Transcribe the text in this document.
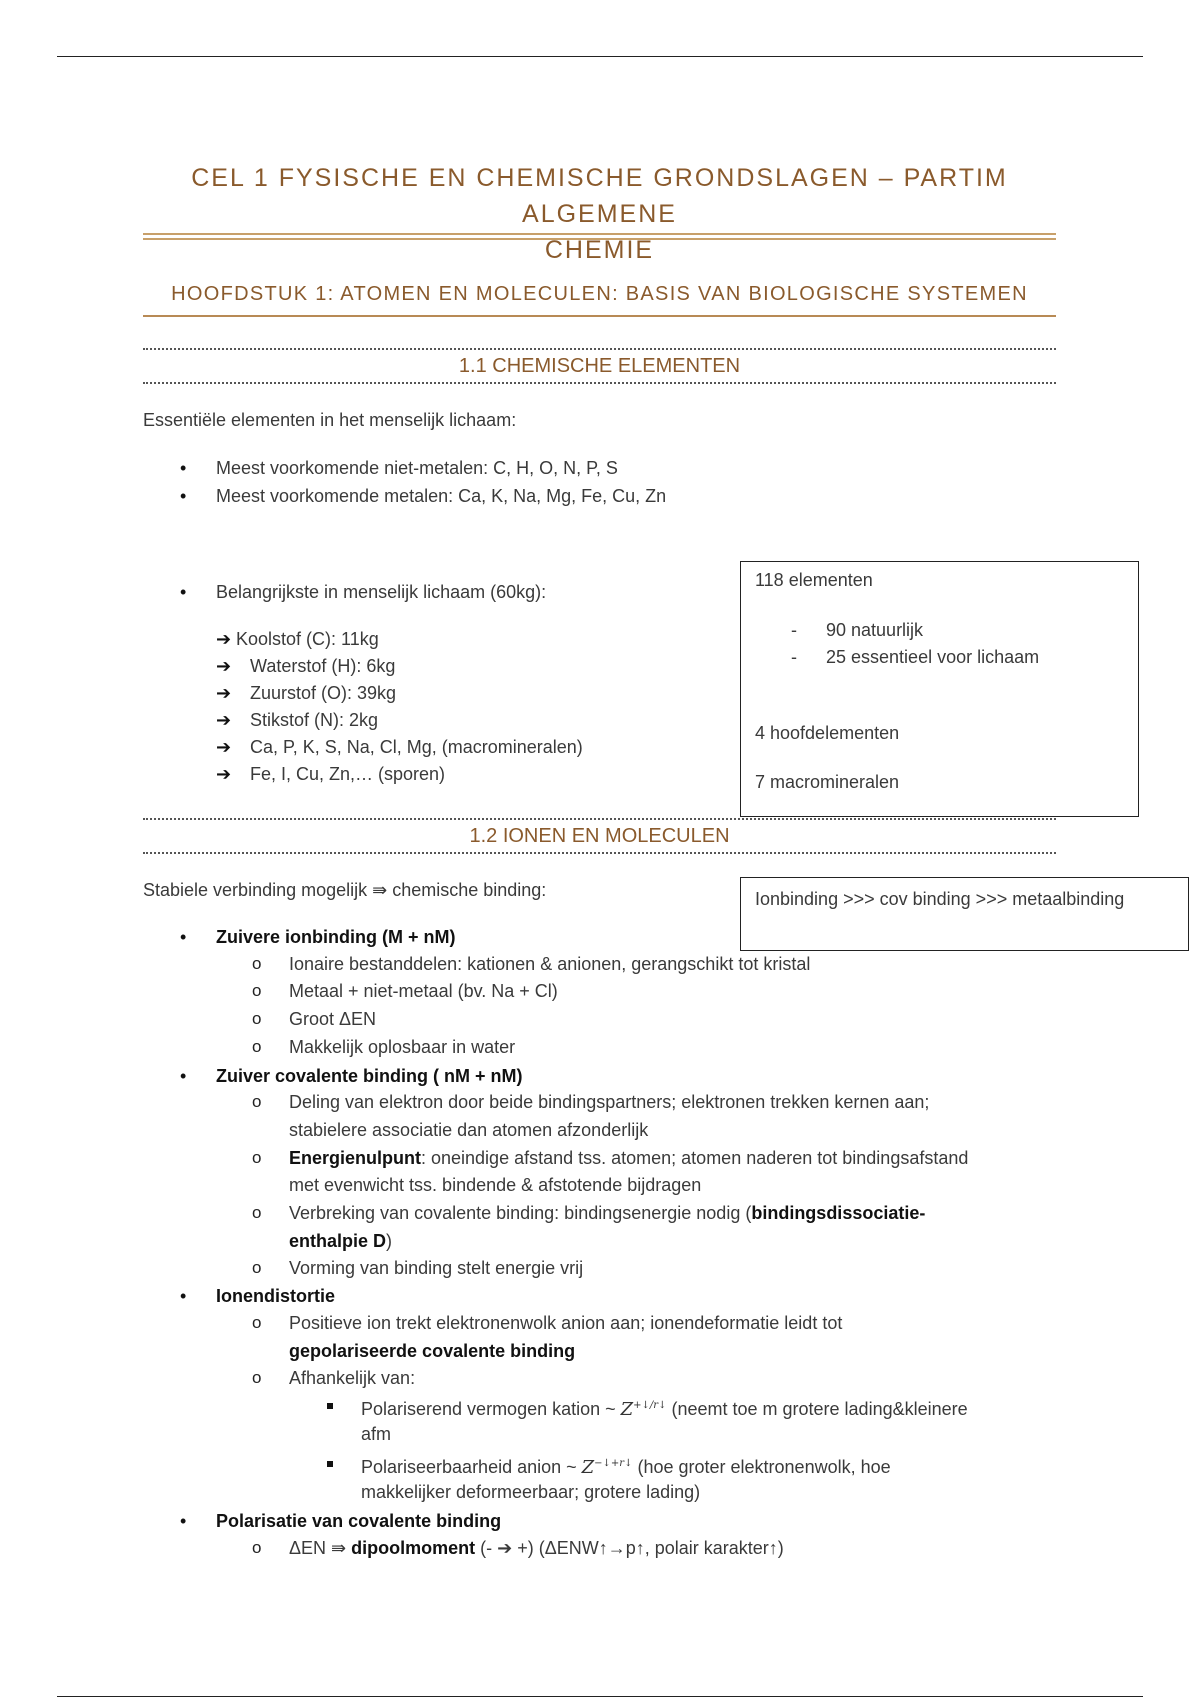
CEL 1 FYSISCHE EN CHEMISCHE GRONDSLAGEN – PARTIM ALGEMENE
CHEMIE
HOOFDSTUK 1: ATOMEN EN MOLECULEN: BASIS VAN BIOLOGISCHE SYSTEMEN
1.1 CHEMISCHE ELEMENTEN
Essentiële elementen in het menselijk lichaam:
• Meest voorkomende niet-metalen: C, H, O, N, P, S
• Meest voorkomende metalen: Ca, K, Na, Mg, Fe, Cu, Zn
• Belangrijkste in menselijk lichaam (60kg):
➔ Koolstof (C): 11kg
➔ Waterstof (H): 6kg
➔ Zuurstof (O): 39kg
➔ Stikstof (N): 2kg
➔ Ca, P, K, S, Na, Cl, Mg, (macromineralen)
➔ Fe, I, Cu, Zn,… (sporen)
118 elementen
- 90 natuurlijk
- 25 essentieel voor lichaam
4 hoofdelementen
7 macromineralen
1.2 IONEN EN MOLECULEN
Stabiele verbinding mogelijk ⇛ chemische binding:	Ionbinding >>> cov binding >>> metaalbinding
• Zuivere ionbinding (M + nM)
o Ionaire bestanddelen: kationen & anionen, gerangschikt tot kristal
o Metaal + niet-metaal (bv. Na + Cl)
o Groot ΔEN
o Makkelijk oplosbaar in water
• Zuiver covalente binding ( nM + nM)
o Deling van elektron door beide bindingspartners; elektronen trekken kernen aan;
stabielere associatie dan atomen afzonderlijk
o Energienulpunt: oneindige afstand tss. atomen; atomen naderen tot bindingsafstand
met evenwicht tss. bindende & afstotende bijdragen
o Verbreking van covalente binding: bindingsenergie nodig (bindingsdissociatie-
enthalpie D)
o Vorming van binding stelt energie vrij
• Ionendistortie
o Positieve ion trekt elektronenwolk anion aan; ionendeformatie leidt tot
gepolariseerde covalente binding
o Afhankelijk van:
Polariserend vermogen kation ~ $Z^{+↓/r↓}$ (neemt toe m grotere lading&kleinere
afm
Polariseerbaarheid anion ~ $Z^{-↓+r↓}$ (hoe groter elektronenwolk, hoe
makkelijker deformeerbaar; grotere lading)
• Polarisatie van covalente binding
o ΔEN ⇛ dipoolmoment (- ➔ +) (ΔENW↑→p↑, polair karakter↑)
